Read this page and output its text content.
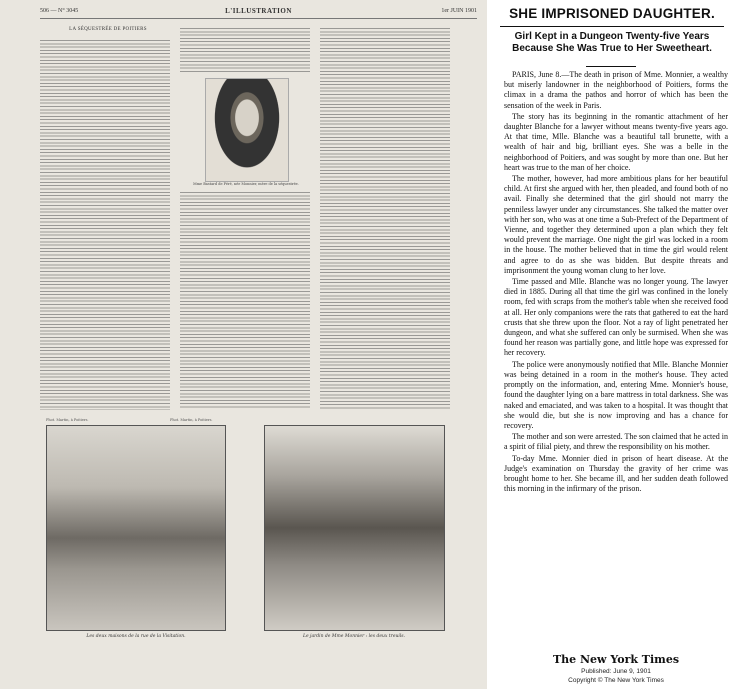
506 — N° 3045	L'ILLUSTRATION	1er JUIN 1901
LA SÉQUESTRÉE DE POITIERS
Mme Bastard de Péré, née Monnier, mère de la séquestrée.
Phot. Martin, à Poitiers.	Phot. Martin, à Poitiers.
Les deux maisons de la rue de la Visitation.	Le jardin de Mme Monnier : les deux treuils.
SHE IMPRISONED DAUGHTER.
Girl Kept in a Dungeon Twenty-five Years Because She Was True to Her Sweetheart.

PARIS, June 8.—The death in prison of Mme. Monnier, a wealthy but miserly landowner in the neighborhood of Poitiers, forms the climax in a drama the pathos and horror of which has been the sensation of the week in Paris.

The story has its beginning in the romantic attachment of her daughter Blanche for a lawyer without means twenty-five years ago. At that time, Mlle. Blanche was a beautiful tall brunette, with a wealth of hair and big, brilliant eyes. She was a belle in the neighborhood of Poitiers, and was sought by more than one. But her heart was true to the man of her choice.

The mother, however, had more ambitious plans for her beautiful child. At first she argued with her, then pleaded, and found both of no avail. Finally she determined that the girl should not marry the penniless lawyer under any circumstances. She talked the matter over with her son, who was at one time a Sub-Prefect of the Department of Vienne, and together they determined upon a plan which they felt would prevent the marriage. One night the girl was locked in a room in the house. The mother believed that in time the girl would relent and agree to do as she was bidden. But despite threats and imprisonment the young woman clung to her love.

Time passed and Mlle. Blanche was no longer young. The lawyer died in 1885. During all that time the girl was confined in the lonely room, fed with scraps from the mother's table when she received food at all. Her only companions were the rats that gathered to eat the hard crusts that she threw upon the floor. Not a ray of light penetrated her dungeon, and what she suffered can only be surmised. When she was found her reason was partially gone, and little hope was expressed for her recovery.

The police were anonymously notified that Mlle. Blanche Monnier was being detained in a room in the mother's house. They acted promptly on the information, and, entering Mme. Monnier's house, found the daughter lying on a bare mattress in total darkness. She was naked and emaciated, and was taken to a hospital. It was thought that she would die, but she is now improving and has a chance for recovery.

The mother and son were arrested. The son claimed that he acted in a spirit of filial piety, and threw the responsibility on his mother.

To-day Mme. Monnier died in prison of heart disease. At the Judge's examination on Thursday the gravity of her crime was brought home to her. She became ill, and her sudden death followed this morning in the infirmary of the prison.

The New York Times
Published: June 9, 1901
Copyright © The New York Times
